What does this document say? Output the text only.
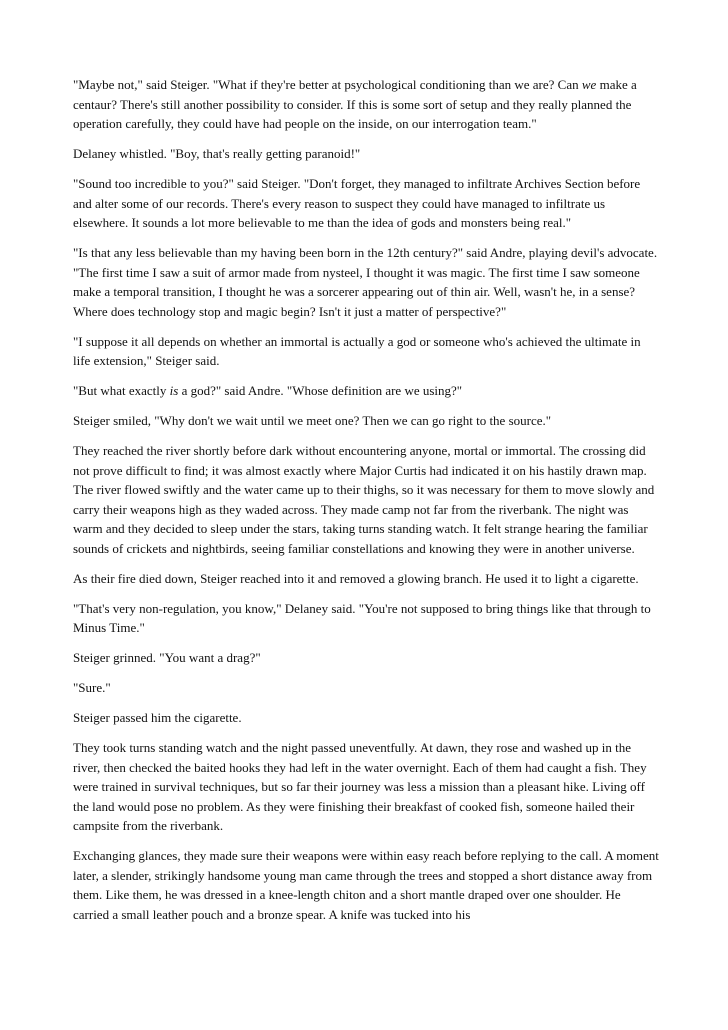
"Maybe not," said Steiger. "What if they're better at psychological conditioning than we are? Can we make a centaur? There's still another possibility to consider. If this is some sort of setup and they really planned the operation carefully, they could have had people on the inside, on our interrogation team."

Delaney whistled. "Boy, that's really getting paranoid!"

"Sound too incredible to you?" said Steiger. "Don't forget, they managed to infiltrate Archives Section before and alter some of our records. There's every reason to suspect they could have managed to infiltrate us elsewhere. It sounds a lot more believable to me than the idea of gods and monsters being real."

"Is that any less believable than my having been born in the 12th century?" said Andre, playing devil's advocate. "The first time I saw a suit of armor made from nysteel, I thought it was magic. The first time I saw someone make a temporal transition, I thought he was a sorcerer appearing out of thin air. Well, wasn't he, in a sense? Where does technology stop and magic begin? Isn't it just a matter of perspective?"

"I suppose it all depends on whether an immortal is actually a god or someone who's achieved the ultimate in life extension," Steiger said.

"But what exactly is a god?" said Andre. "Whose definition are we using?"

Steiger smiled, "Why don't we wait until we meet one? Then we can go right to the source."

They reached the river shortly before dark without encountering anyone, mortal or immortal. The crossing did not prove difficult to find; it was almost exactly where Major Curtis had indicated it on his hastily drawn map. The river flowed swiftly and the water came up to their thighs, so it was necessary for them to move slowly and carry their weapons high as they waded across. They made camp not far from the riverbank. The night was warm and they decided to sleep under the stars, taking turns standing watch. It felt strange hearing the familiar sounds of crickets and nightbirds, seeing familiar constellations and knowing they were in another universe.

As their fire died down, Steiger reached into it and removed a glowing branch. He used it to light a cigarette.

"That's very non-regulation, you know," Delaney said. "You're not supposed to bring things like that through to Minus Time."

Steiger grinned. "You want a drag?"

"Sure."

Steiger passed him the cigarette.

They took turns standing watch and the night passed uneventfully. At dawn, they rose and washed up in the river, then checked the baited hooks they had left in the water overnight. Each of them had caught a fish. They were trained in survival techniques, but so far their journey was less a mission than a pleasant hike. Living off the land would pose no problem. As they were finishing their breakfast of cooked fish, someone hailed their campsite from the riverbank.

Exchanging glances, they made sure their weapons were within easy reach before replying to the call. A moment later, a slender, strikingly handsome young man came through the trees and stopped a short distance away from them. Like them, he was dressed in a knee-length chiton and a short mantle draped over one shoulder. He carried a small leather pouch and a bronze spear. A knife was tucked into his
